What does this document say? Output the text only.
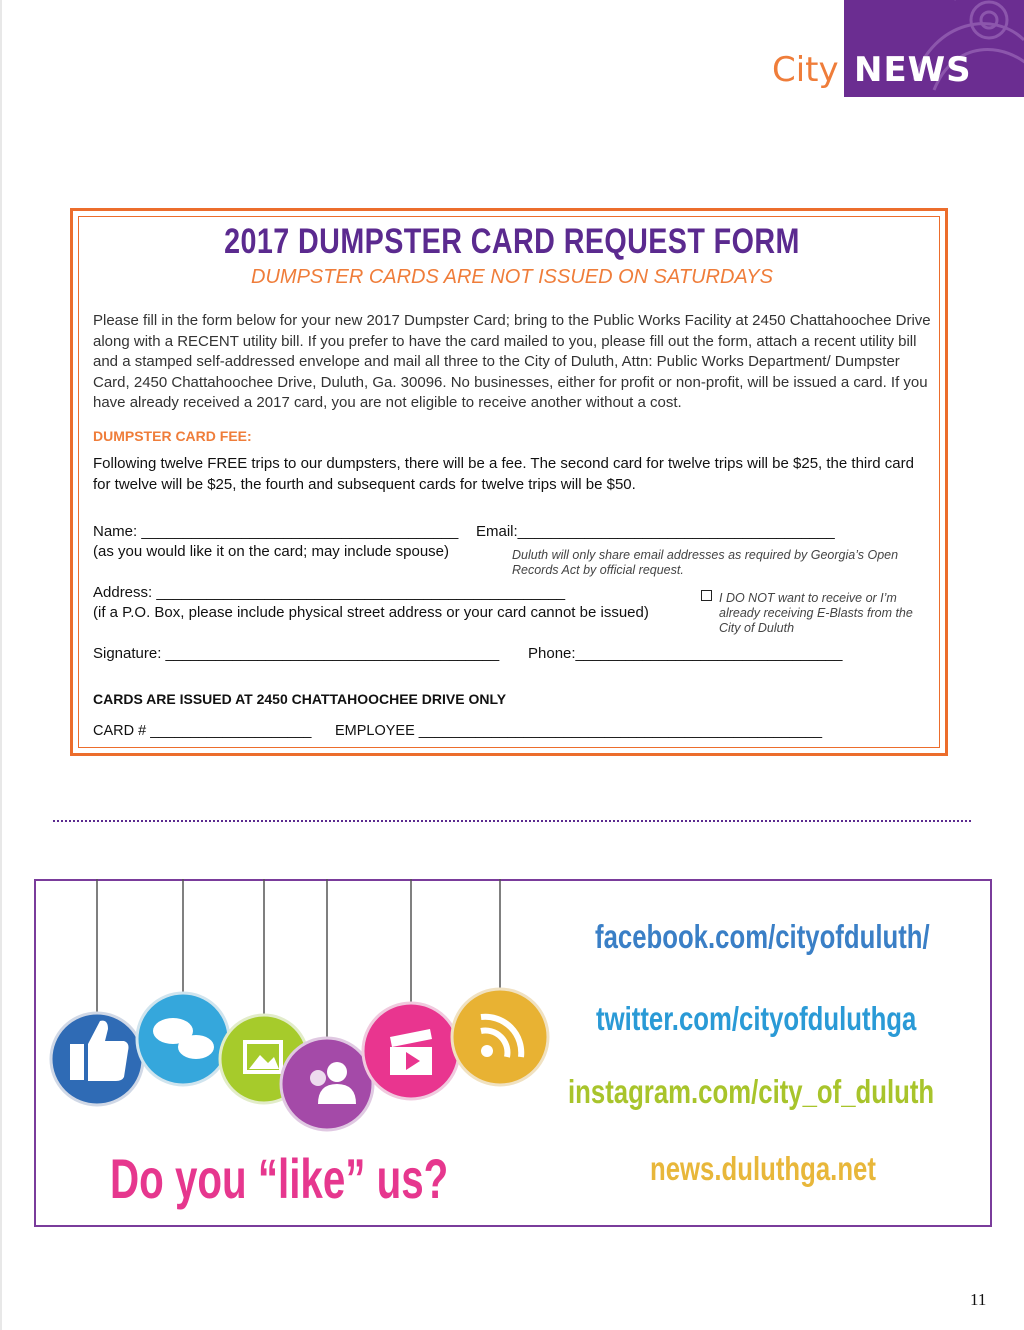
City NEWS
2017 DUMPSTER CARD REQUEST FORM
DUMPSTER CARDS ARE NOT ISSUED ON SATURDAYS
Please fill in the form below for your new 2017 Dumpster Card; bring to the Public Works Facility at 2450 Chattahoochee Drive along with a RECENT utility bill. If you prefer to have the card mailed to you, please fill out the form, attach a recent utility bill and a stamped self-addressed envelope and mail all three to the City of Duluth, Attn: Public Works Department/ Dumpster Card, 2450 Chattahoochee Drive, Duluth, Ga. 30096. No businesses, either for profit or non-profit, will be issued a card. If you have already received a 2017 card, you are not eligible to receive another without a cost.
DUMPSTER CARD FEE:
Following twelve FREE trips to our dumpsters, there will be a fee. The second card for twelve trips will be $25, the third card for twelve will be $25, the fourth and subsequent cards for twelve trips will be $50.
Name: ______________________________________ Email:______________________________________
(as you would like it on the card; may include spouse)	Duluth will only share email addresses as required by Georgia’s Open Records Act by official request.
Address: _________________________________________________
(if a P.O. Box, please include physical street address or your card cannot be issued)
I DO NOT want to receive or I’m already receiving E-Blasts from the City of Duluth
Signature: ________________________________________ Phone:________________________________
CARDS ARE ISSUED AT 2450 CHATTAHOOCHEE DRIVE ONLY
CARD # ____________________ EMPLOYEE __________________________________________________
facebook.com/cityofduluth/
twitter.com/cityofduluthga
instagram.com/city_of_duluth
news.duluthga.net
Do you “like” us?
11
